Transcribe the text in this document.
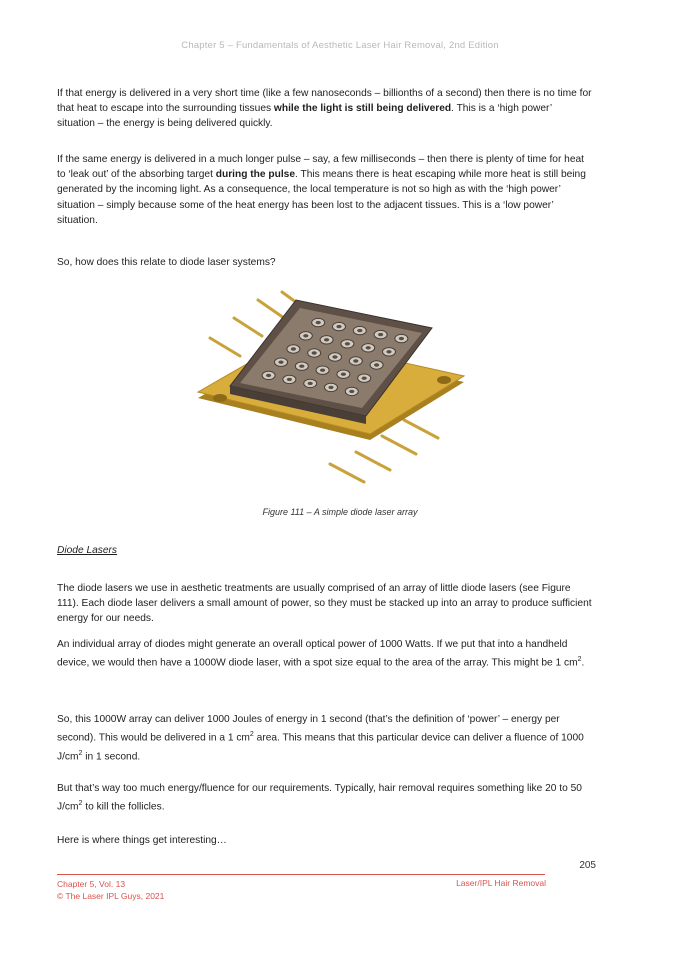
Chapter 5 – Fundamentals of Aesthetic Laser Hair Removal, 2nd Edition

If that energy is delivered in a very short time (like a few nanoseconds – billionths of a second) then there is no time for that heat to escape into the surrounding tissues while the light is still being delivered. This is a ‘high power’ situation – the energy is being delivered quickly.

If the same energy is delivered in a much longer pulse – say, a few milliseconds – then there is plenty of time for heat to ‘leak out’ of the absorbing target during the pulse. This means there is heat escaping while more heat is still being generated by the incoming light. As a consequence, the local temperature is not so high as with the ‘high power’ situation – simply because some of the heat energy has been lost to the adjacent tissues. This is a ‘low power’ situation.

So, how does this relate to diode laser systems?

Figure 111 – A simple diode laser array
Diode Lasers

The diode lasers we use in aesthetic treatments are usually comprised of an array of little diode lasers (see Figure 111). Each diode laser delivers a small amount of power, so they must be stacked up into an array to produce sufficient energy for our needs.

An individual array of diodes might generate an overall optical power of 1000 Watts. If we put that into a handheld device, we would then have a 1000W diode laser, with a spot size equal to the area of the array. This might be 1 $cm^2$.

So, this 1000W array can deliver 1000 Joules of energy in 1 second (that’s the definition of ‘power’ – energy per second). This would be delivered in a 1 $cm^2$ area. This means that this particular device can deliver a fluence of 1000 $J/cm^2$ in 1 second.

But that’s way too much energy/fluence for our requirements. Typically, hair removal requires something like 20 to 50 $J/cm^2$ to kill the follicles.

Here is where things get interesting…

205
Chapter 5, Vol. 13
© The Laser IPL Guys, 2021
Laser/IPL Hair Removal
